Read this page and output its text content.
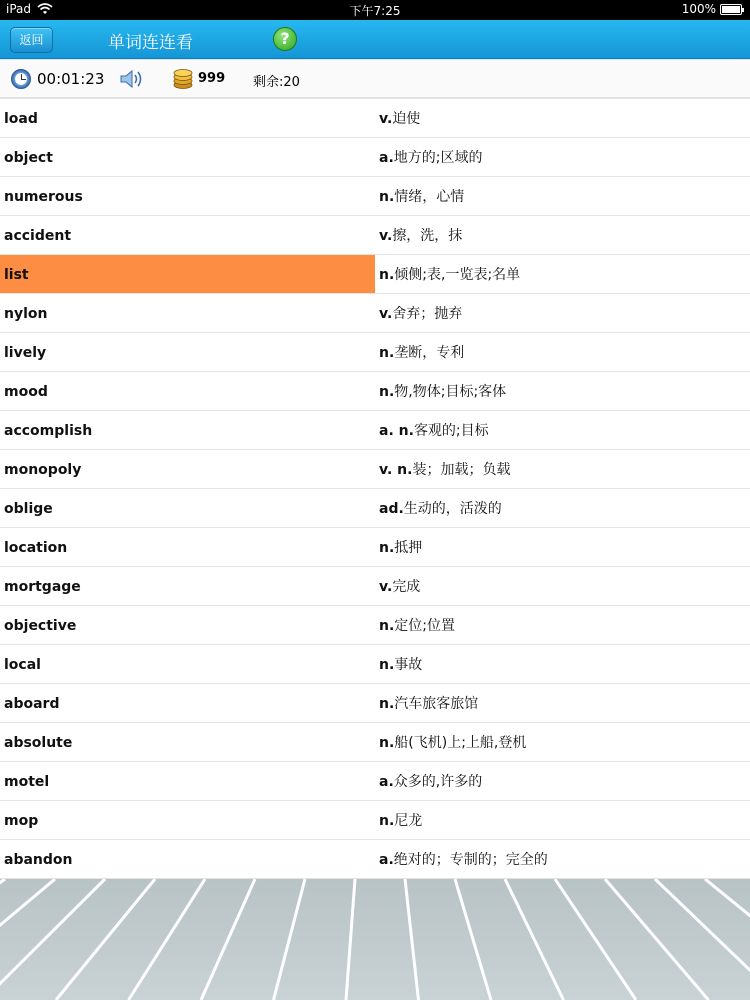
iPad	下午7:25	100%
返回	单词连连看	?
00:01:23	999 剩余:20
load	v.迫使
object	a.地方的;区域的
numerous	n.情绪，心情
accident	v.擦，洗，抹
list	n.倾侧;表,一览表;名单
nylon	v.舍弃；抛弃
lively	n.垄断，专利
mood	n.物,物体;目标;客体
accomplish	a. n.客观的;目标
monopoly	v. n.装；加载；负载
oblige	ad.生动的，活泼的
location	n.抵押
mortgage	v.完成
objective	n.定位;位置
local	n.事故
aboard	n.汽车旅客旅馆
absolute	n.船(飞机)上;上船,登机
motel	a.众多的,许多的
mop	n.尼龙
abandon	a.绝对的；专制的；完全的
